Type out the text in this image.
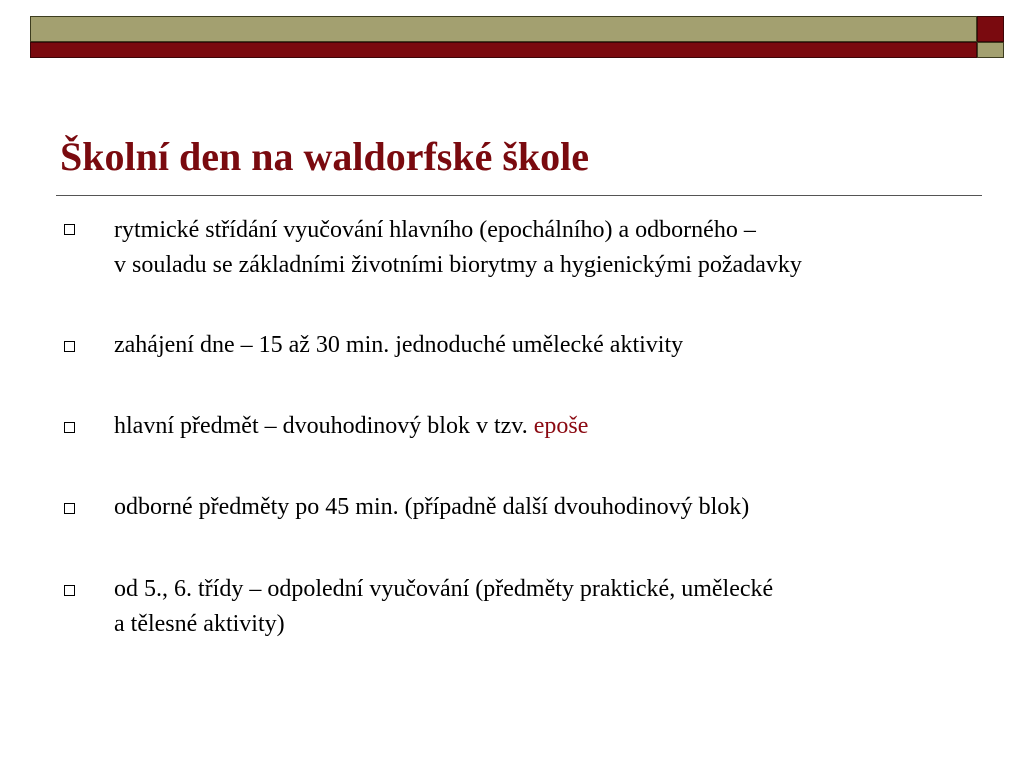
Školní den na waldorfské škole
rytmické střídání vyučování hlavního (epochálního) a odborného –
v souladu se základními životními biorytmy a hygienickými požadavky
zahájení dne – 15 až 30 min. jednoduché umělecké aktivity
hlavní předmět – dvouhodinový blok v tzv. epoše
odborné předměty po 45 min. (případně další dvouhodinový blok)
od 5., 6. třídy – odpolední vyučování (předměty praktické, umělecké
a tělesné aktivity)
